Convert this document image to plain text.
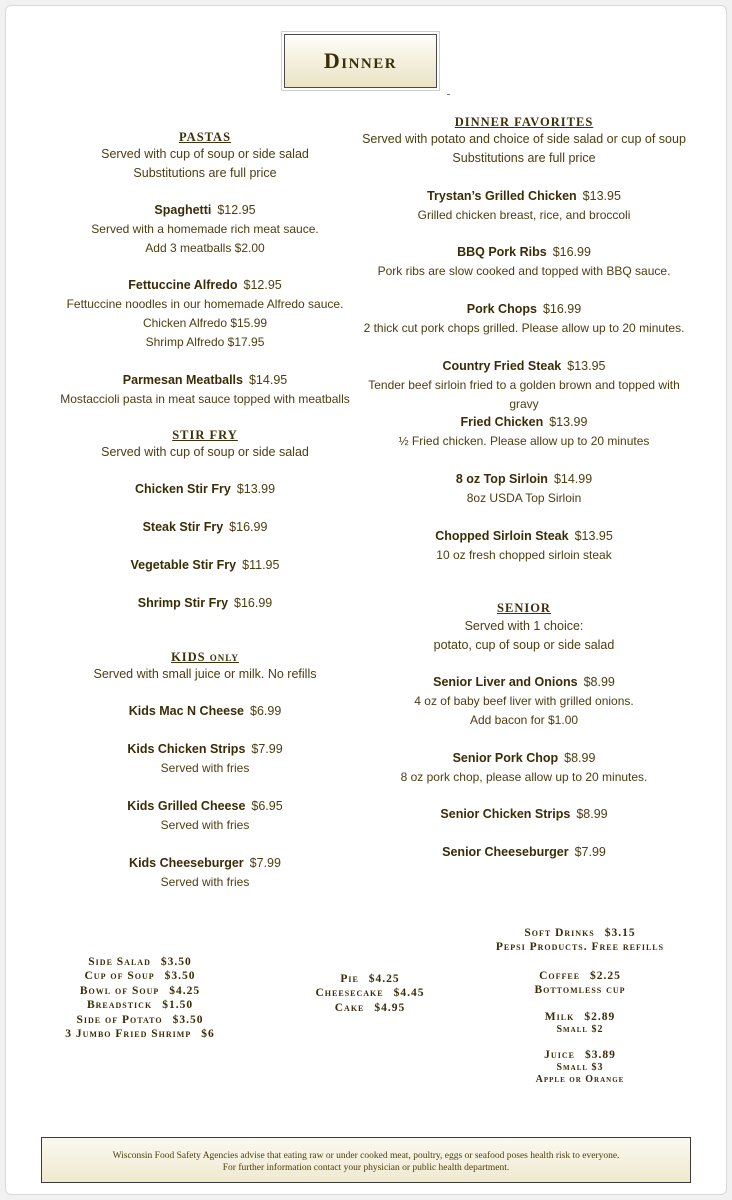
Dinner
PASTAS
Served with cup of soup or side salad
Substitutions are full price
Spaghetti $12.95
Served with a homemade rich meat sauce.
Add 3 meatballs $2.00
Fettuccine Alfredo $12.95
Fettuccine noodles in our homemade Alfredo sauce.
Chicken Alfredo $15.99
Shrimp Alfredo $17.95
Parmesan Meatballs $14.95
Mostaccioli pasta in meat sauce topped with meatballs
STIR FRY
Served with cup of soup or side salad
Chicken Stir Fry $13.99
Steak Stir Fry $16.99
Vegetable Stir Fry $11.95
Shrimp Stir Fry $16.99
KIDS only
Served with small juice or milk. No refills
Kids Mac N Cheese $6.99
Kids Chicken Strips $7.99
Served with fries
Kids Grilled Cheese $6.95
Served with fries
Kids Cheeseburger $7.99
Served with fries
DINNER FAVORITES
Served with potato and choice of side salad or cup of soup
Substitutions are full price
Trystan’s Grilled Chicken $13.95
Grilled chicken breast, rice, and broccoli
BBQ Pork Ribs $16.99
Pork ribs are slow cooked and topped with BBQ sauce.
Pork Chops $16.99
2 thick cut pork chops grilled. Please allow up to 20 minutes.
Country Fried Steak $13.95
Tender beef sirloin fried to a golden brown and topped with gravy
Fried Chicken $13.99
½ Fried chicken. Please allow up to 20 minutes
8 oz Top Sirloin $14.99
8oz USDA Top Sirloin
Chopped Sirloin Steak $13.95
10 oz fresh chopped sirloin steak
SENIOR
Served with 1 choice:
potato, cup of soup or side salad
Senior Liver and Onions $8.99
4 oz of baby beef liver with grilled onions.
Add bacon for $1.00
Senior Pork Chop $8.99
8 oz pork chop, please allow up to 20 minutes.
Senior Chicken Strips $8.99
Senior Cheeseburger $7.99
Side Salad $3.50
Cup of Soup $3.50
Bowl of Soup $4.25
Breadstick $1.50
Side of Potato $3.50
3 Jumbo Fried Shrimp $6
Pie $4.25
Cheesecake $4.45
Cake $4.95
Soft Drinks $3.15
Pepsi Products. Free refills
Coffee $2.25
Bottomless cup
Milk $2.89
Small $2
Juice $3.89
Small $3
Apple or Orange
Wisconsin Food Safety Agencies advise that eating raw or under cooked meat, poultry, eggs or seafood poses health risk to everyone.
For further information contact your physician or public health department.
